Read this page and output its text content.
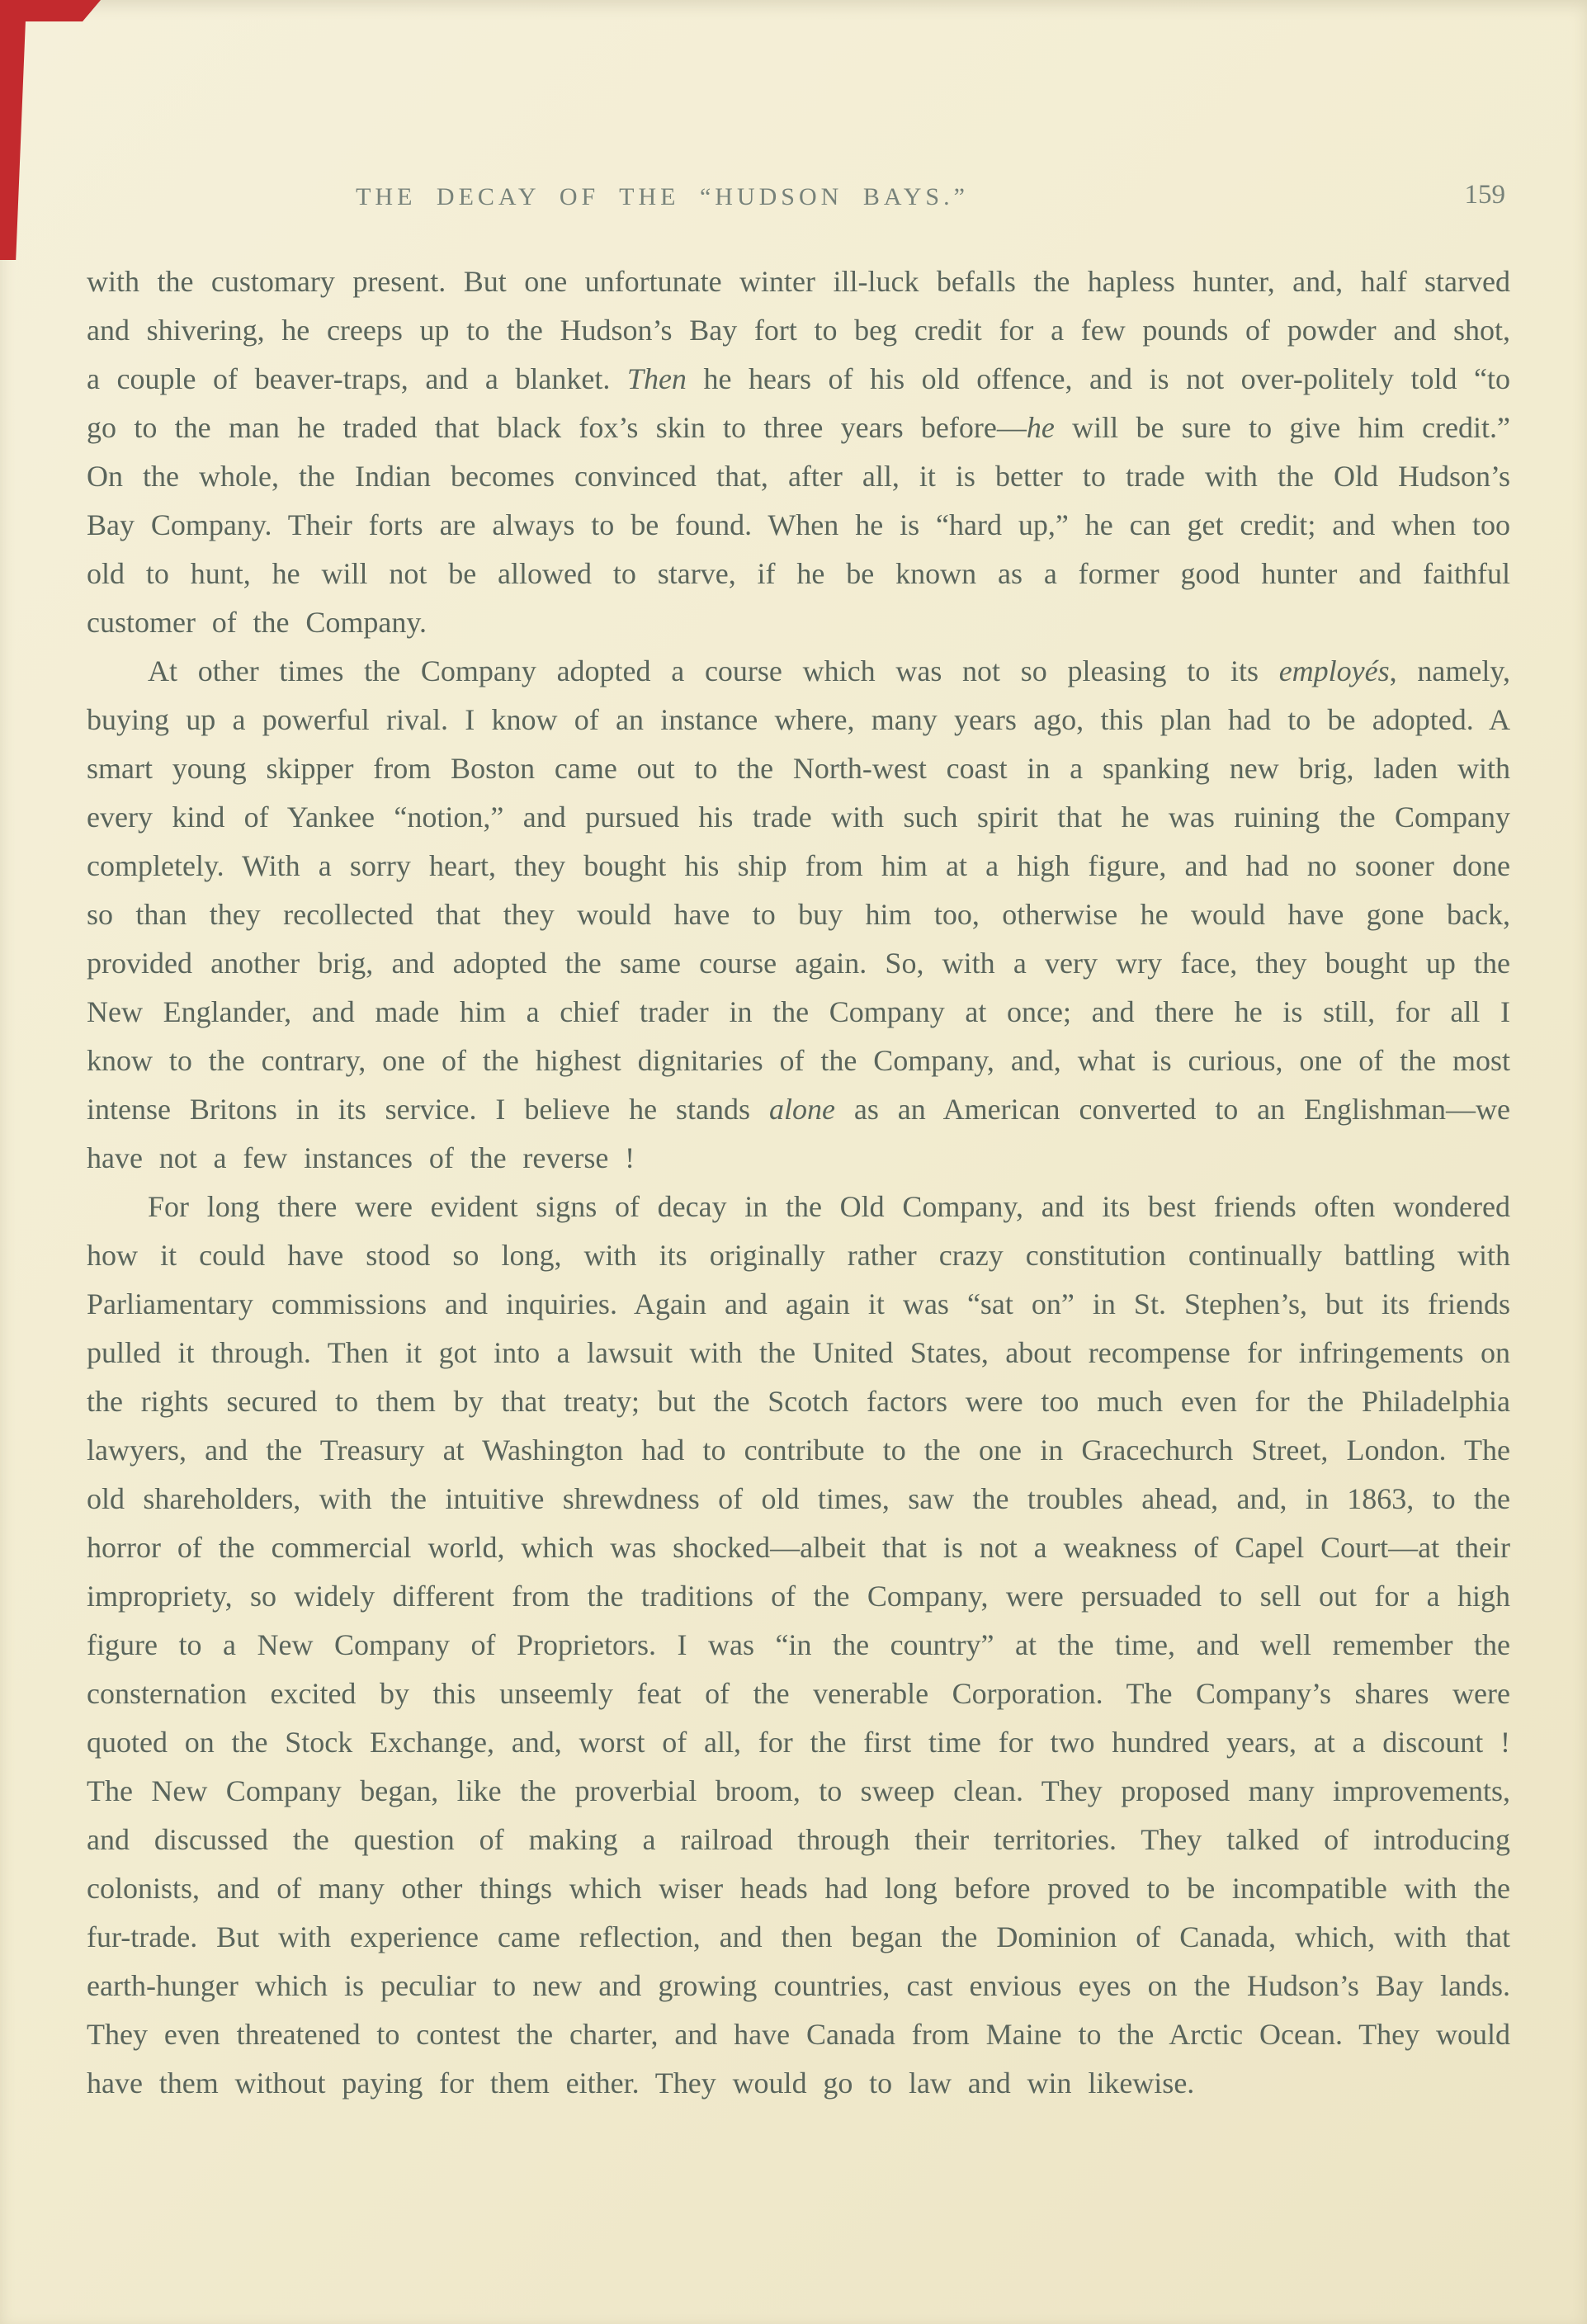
THE DECAY OF THE “HUDSON BAYS.”	159

with the customary present. But one unfortunate winter ill-luck befalls the hapless hunter, and, half starved and shivering, he creeps up to the Hudson’s Bay fort to beg credit for a few pounds of powder and shot, a couple of beaver-traps, and a blanket. Then he hears of his old offence, and is not over-politely told “to go to the man he traded that black fox’s skin to three years before—he will be sure to give him credit.” On the whole, the Indian becomes convinced that, after all, it is better to trade with the Old Hudson’s Bay Company. Their forts are always to be found. When he is “hard up,” he can get credit; and when too old to hunt, he will not be allowed to starve, if he be known as a former good hunter and faithful customer of the Company.

At other times the Company adopted a course which was not so pleasing to its employés, namely, buying up a powerful rival. I know of an instance where, many years ago, this plan had to be adopted. A smart young skipper from Boston came out to the North-west coast in a spanking new brig, laden with every kind of Yankee “notion,” and pursued his trade with such spirit that he was ruining the Company completely. With a sorry heart, they bought his ship from him at a high figure, and had no sooner done so than they recollected that they would have to buy him too, otherwise he would have gone back, provided another brig, and adopted the same course again. So, with a very wry face, they bought up the New Englander, and made him a chief trader in the Company at once; and there he is still, for all I know to the contrary, one of the highest dignitaries of the Company, and, what is curious, one of the most intense Britons in its service. I believe he stands alone as an American converted to an Englishman—we have not a few instances of the reverse !

For long there were evident signs of decay in the Old Company, and its best friends often wondered how it could have stood so long, with its originally rather crazy constitution continually battling with Parliamentary commissions and inquiries. Again and again it was “sat on” in St. Stephen’s, but its friends pulled it through. Then it got into a lawsuit with the United States, about recompense for infringements on the rights secured to them by that treaty; but the Scotch factors were too much even for the Philadelphia lawyers, and the Treasury at Washington had to contribute to the one in Gracechurch Street, London. The old shareholders, with the intuitive shrewdness of old times, saw the troubles ahead, and, in 1863, to the horror of the commercial world, which was shocked—albeit that is not a weakness of Capel Court—at their impropriety, so widely different from the traditions of the Company, were persuaded to sell out for a high figure to a New Company of Proprietors. I was “in the country” at the time, and well remember the consternation excited by this unseemly feat of the venerable Corporation. The Company’s shares were quoted on the Stock Exchange, and, worst of all, for the first time for two hundred years, at a discount ! The New Company began, like the proverbial broom, to sweep clean. They proposed many improvements, and discussed the question of making a railroad through their territories. They talked of introducing colonists, and of many other things which wiser heads had long before proved to be incompatible with the fur-trade. But with experience came reflection, and then began the Dominion of Canada, which, with that earth-hunger which is peculiar to new and growing countries, cast envious eyes on the Hudson’s Bay lands. They even threatened to contest the charter, and have Canada from Maine to the Arctic Ocean. They would have them without paying for them either. They would go to law and win likewise.
